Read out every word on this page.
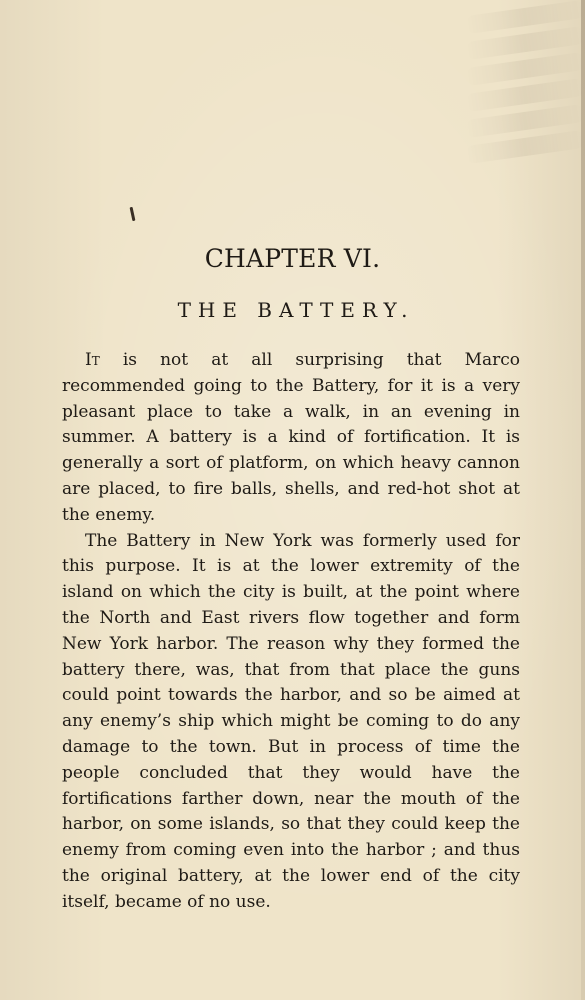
CHAPTER VI.
THE BATTERY.

It is not at all surprising that Marco recommended going to the Battery, for it is a very pleasant place to take a walk, in an evening in summer. A battery is a kind of fortification. It is generally a sort of platform, on which heavy cannon are placed, to fire balls, shells, and red-hot shot at the enemy.

The Battery in New York was formerly used for this purpose. It is at the lower extremity of the island on which the city is built, at the point where the North and East rivers flow together and form New York harbor. The reason why they formed the battery there, was, that from that place the guns could point towards the harbor, and so be aimed at any enemy’s ship which might be coming to do any damage to the town. But in process of time the people concluded that they would have the fortifications farther down, near the mouth of the harbor, on some islands, so that they could keep the enemy from coming even into the harbor ; and thus the original battery, at the lower end of the city itself, became of no use.
